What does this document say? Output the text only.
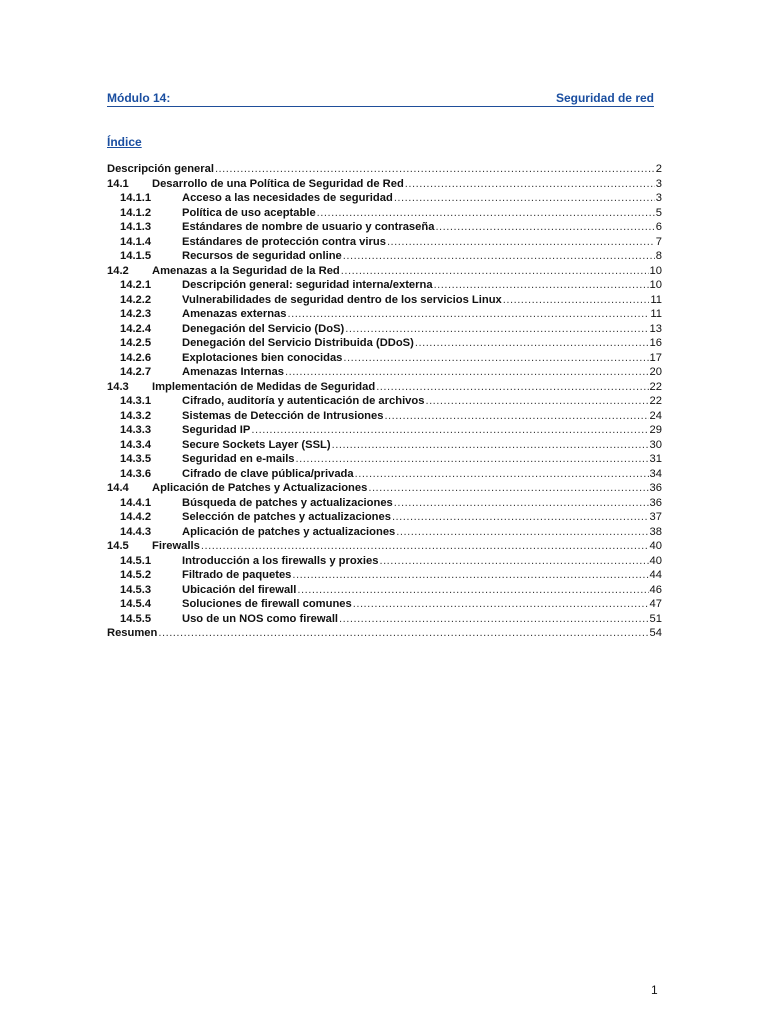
Módulo 14:	Seguridad de red
Índice
Descripción general .....	2
14.1	Desarrollo de una Política de Seguridad de Red .....	3
14.1.1	Acceso a las necesidades de seguridad .....	3
14.1.2	Política de uso aceptable .....	5
14.1.3	Estándares de nombre de usuario y contraseña .....	6
14.1.4	Estándares de protección contra virus .....	7
14.1.5	Recursos de seguridad online .....	8
14.2	Amenazas a la Seguridad de la Red .....	10
14.2.1	Descripción general: seguridad interna/externa .....	10
14.2.2	Vulnerabilidades de seguridad dentro de los servicios Linux .....	11
14.2.3	Amenazas externas .....	11
14.2.4	Denegación del Servicio (DoS) .....	13
14.2.5	Denegación del Servicio Distribuida (DDoS) .....	16
14.2.6	Explotaciones bien conocidas .....	17
14.2.7	Amenazas Internas .....	20
14.3	Implementación de Medidas de Seguridad .....	22
14.3.1	Cifrado, auditoría y autenticación de archivos .....	22
14.3.2	Sistemas de Detección de Intrusiones .....	24
14.3.3	Seguridad IP .....	29
14.3.4	Secure Sockets Layer (SSL) .....	30
14.3.5	Seguridad en e-mails .....	31
14.3.6	Cifrado de clave pública/privada .....	34
14.4	Aplicación de Patches y Actualizaciones .....	36
14.4.1	Búsqueda de patches y actualizaciones .....	36
14.4.2	Selección de patches y actualizaciones .....	37
14.4.3	Aplicación de patches y actualizaciones .....	38
14.5	Firewalls .....	40
14.5.1	Introducción a los firewalls y proxies .....	40
14.5.2	Filtrado de paquetes .....	44
14.5.3	Ubicación del firewall .....	46
14.5.4	Soluciones de firewall comunes .....	47
14.5.5	Uso de un NOS como firewall .....	51
Resumen .....	54
1
